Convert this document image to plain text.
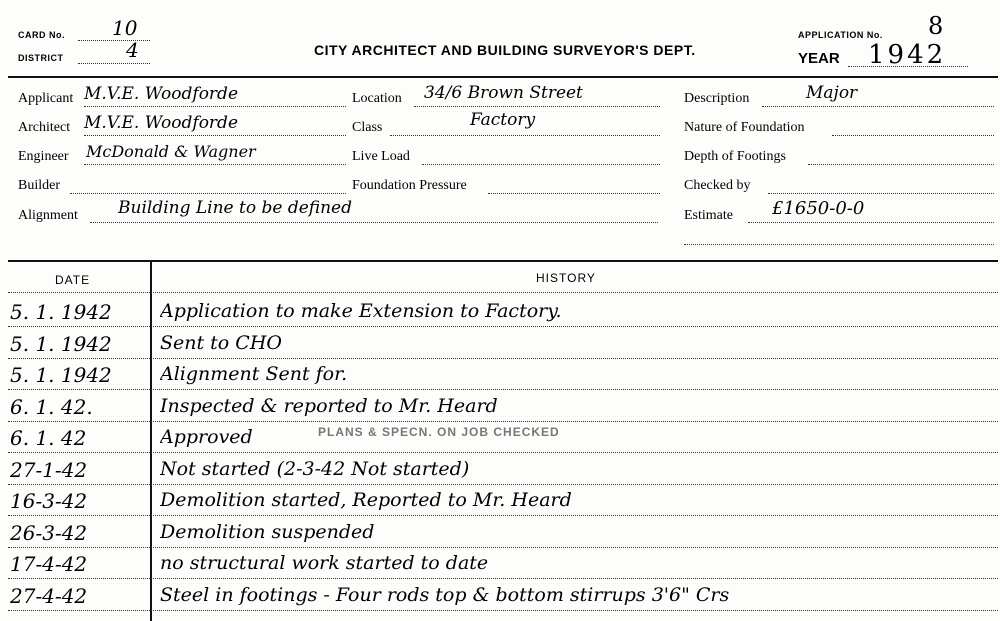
CARD No. 10
DISTRICT	4	CITY ARCHITECT AND BUILDING SURVEYOR'S DEPT.
APPLICATION No. 8
YEAR 1942
Applicant M.V.E. Woodforde
Architect M.V.E. Woodforde
Engineer McDonald & Wagner
Builder
Alignment Building Line to be defined
Location 34/6 Brown Street
Class	Factory
Live Load
Foundation Pressure
Description	Major
Nature of Foundation
Depth of Footings
Checked by
Estimate £1650-0-0
DATE	HISTORY
5. 1. 1942	Application to make Extension to Factory.
5. 1. 1942	Sent to CHO
5. 1. 1942	Alignment Sent for.
6. 1. 42.	Inspected & reported to Mr. Heard
6. 1. 42	Approved
27-1-42	Not started (2-3-42 Not started)
16-3-42	Demolition started, Reported to Mr. Heard
26-3-42	Demolition suspended
17-4-42	no structural work started to date
27-4-42	Steel in footings - Four rods top & bottom stirrups 3'6" Crs
PLANS & SPECN. ON JOB CHECKED
